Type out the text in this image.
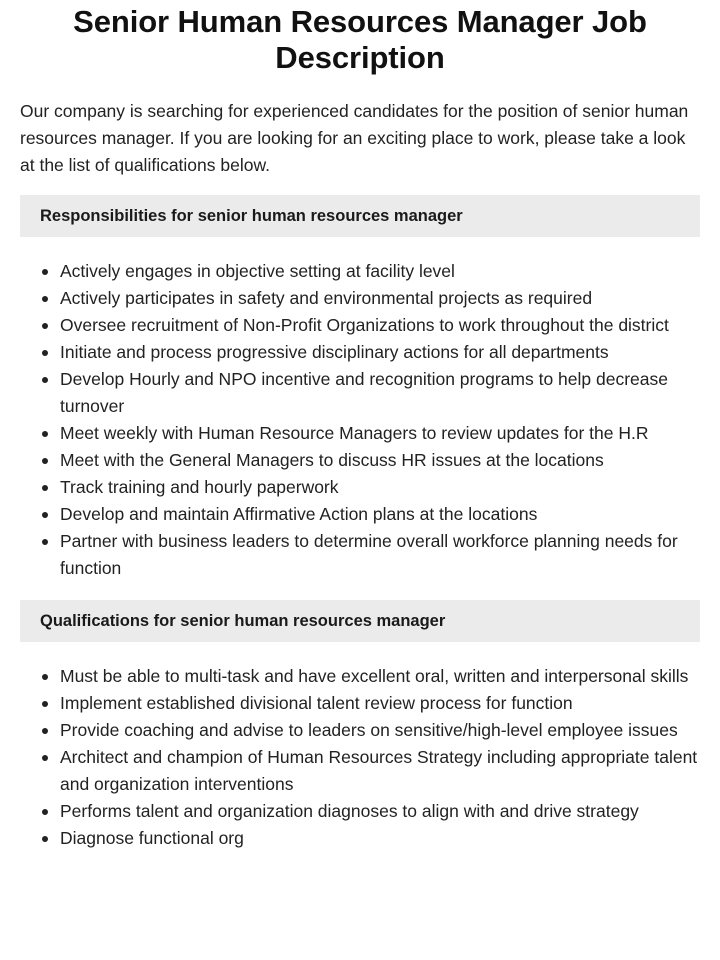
Senior Human Resources Manager Job Description

Our company is searching for experienced candidates for the position of senior human resources manager. If you are looking for an exciting place to work, please take a look at the list of qualifications below.

Responsibilities for senior human resources manager
Actively engages in objective setting at facility level
Actively participates in safety and environmental projects as required
Oversee recruitment of Non-Profit Organizations to work throughout the district
Initiate and process progressive disciplinary actions for all departments
Develop Hourly and NPO incentive and recognition programs to help decrease turnover
Meet weekly with Human Resource Managers to review updates for the H.R
Meet with the General Managers to discuss HR issues at the locations
Track training and hourly paperwork
Develop and maintain Affirmative Action plans at the locations
Partner with business leaders to determine overall workforce planning needs for function
Qualifications for senior human resources manager
Must be able to multi-task and have excellent oral, written and interpersonal skills
Implement established divisional talent review process for function
Provide coaching and advise to leaders on sensitive/high-level employee issues
Architect and champion of Human Resources Strategy including appropriate talent and organization interventions
Performs talent and organization diagnoses to align with and drive strategy
Diagnose functional org
